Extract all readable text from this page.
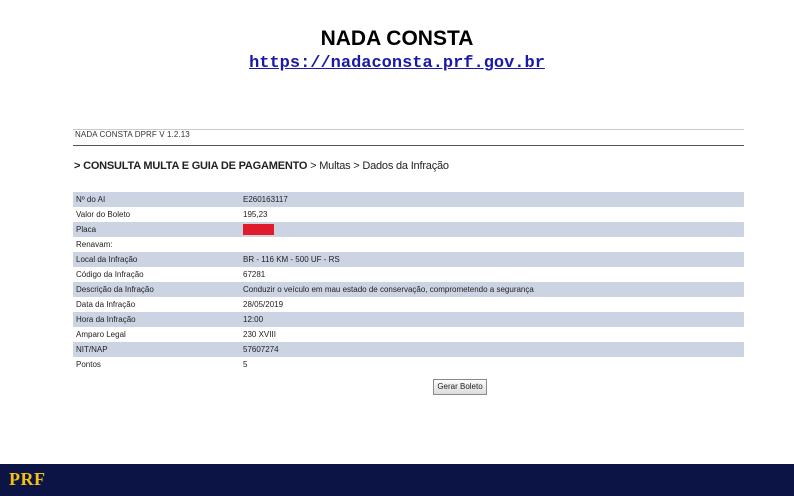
NADA CONSTA
https://nadaconsta.prf.gov.br
NADA CONSTA DPRF V 1.2.13
> CONSULTA MULTA E GUIA DE PAGAMENTO > Multas > Dados da Infração
Nº do AI	E260163117
Valor do Boleto	195,23
Placa
Renavam:
Local da Infração	BR - 116 KM - 500 UF - RS
Código da Infração	67281
Descrição da Infração	Conduzir o veículo em mau estado de conservação, comprometendo a segurança
Data da Infração	28/05/2019
Hora da Infração	12:00
Amparo Legal	230 XVIII
NIT/NAP	57607274
Pontos	5
Gerar Boleto
PRF
